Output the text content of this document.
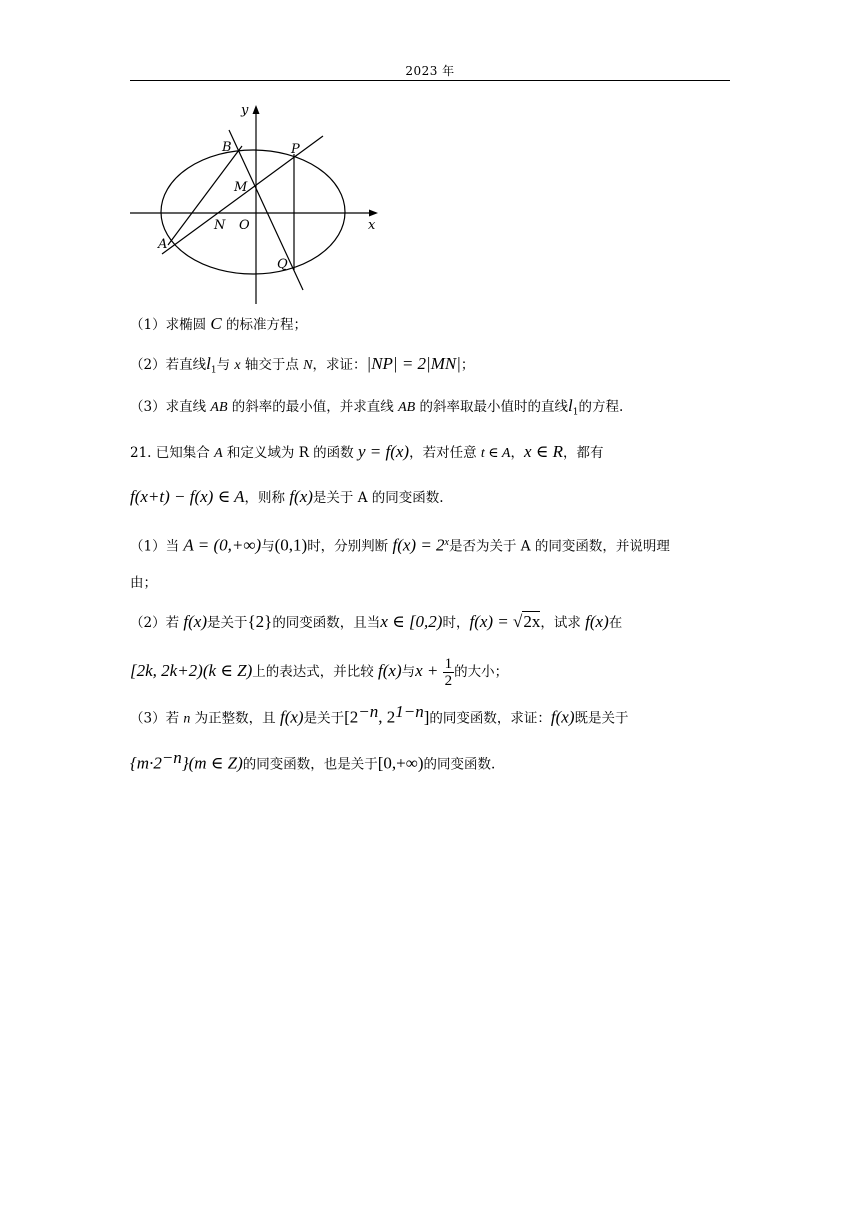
2023 年
y
x
B	P
M
N O
A
Q
（1）求椭圆 C 的标准方程；
（2）若直线$l_1$与 x 轴交于点 N，求证：|NP| = 2|MN|；
（3）求直线 AB 的斜率的最小值，并求直线 AB 的斜率取最小值时的直线$l_1$的方程.
21. 已知集合 A 和定义域为 R 的函数 y = f(x)，若对任意 t ∈ A，x ∈ R，都有
f(x+t) − f(x) ∈ A，则称 f(x)是关于 A 的同变函数.
（1）当 A = (0,+∞)与(0,1)时，分别判断 $f(x) = 2^x$是否为关于 A 的同变函数，并说明理
由；
（2）若 f(x)是关于{2}的同变函数，且当x ∈ [0,2)时，f(x) = √2x，试求 f(x)在
[2k, 2k+2)(k ∈ Z)上的表达式，并比较 f(x)与$x + \frac{1}{2}$ 的大小；
（3）若 n 为正整数，且 f(x)是关于[$2^{-n}$, $2^{1-n}$]的同变函数，求证：f(x)既是关于
$\{m\cdot 2^{-n}\}(m$ ∈ Z)的同变函数，也是关于[0,+∞)的同变函数.
